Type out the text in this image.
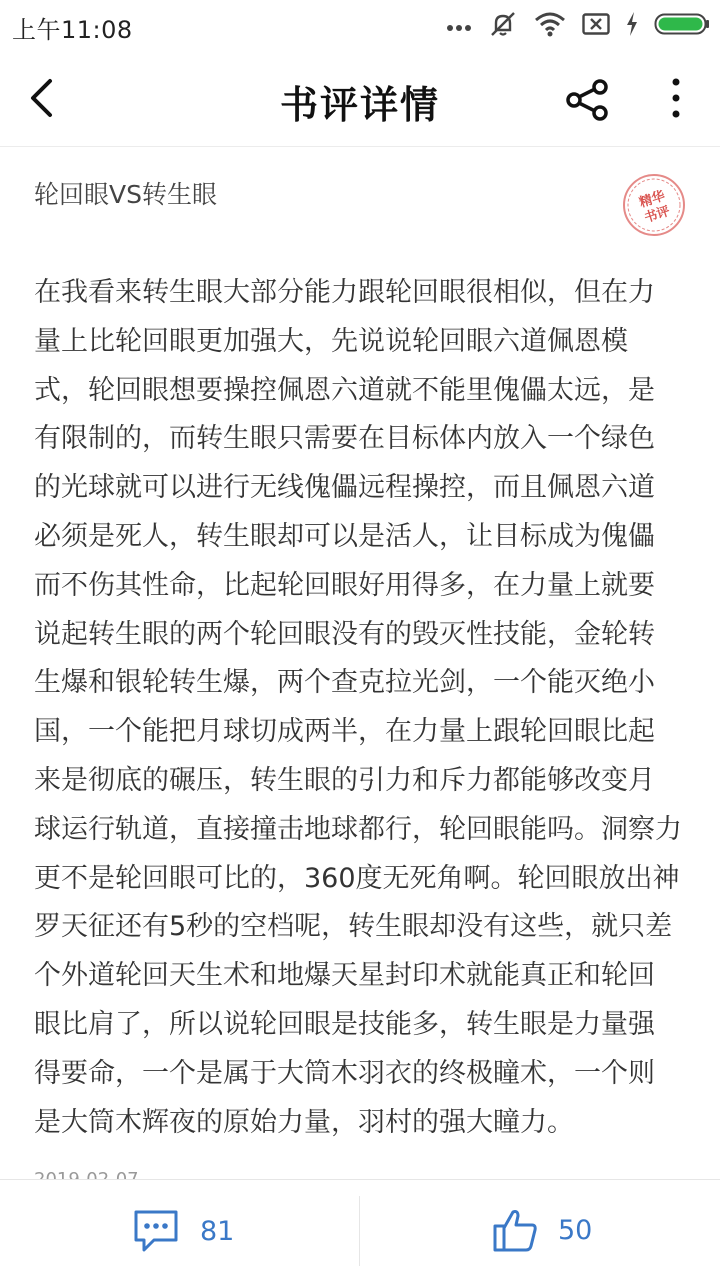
上午11:08
书评详情
轮回眼VS转生眼	精华
书评
在我看来转生眼大部分能力跟轮回眼很相似，但在力
量上比轮回眼更加强大，先说说轮回眼六道佩恩模
式，轮回眼想要操控佩恩六道就不能里傀儡太远，是
有限制的，而转生眼只需要在目标体内放入一个绿色
的光球就可以进行无线傀儡远程操控，而且佩恩六道
必须是死人，转生眼却可以是活人，让目标成为傀儡
而不伤其性命，比起轮回眼好用得多，在力量上就要
说起转生眼的两个轮回眼没有的毁灭性技能，金轮转
生爆和银轮转生爆，两个查克拉光剑，一个能灭绝小
国，一个能把月球切成两半，在力量上跟轮回眼比起
来是彻底的碾压，转生眼的引力和斥力都能够改变月
球运行轨道，直接撞击地球都行，轮回眼能吗。洞察力
更不是轮回眼可比的，360度无死角啊。轮回眼放出神
罗天征还有5秒的空档呢，转生眼却没有这些，就只差
个外道轮回天生术和地爆天星封印术就能真正和轮回
眼比肩了，所以说轮回眼是技能多，转生眼是力量强
得要命，一个是属于大筒木羽衣的终极瞳术，一个则
是大筒木辉夜的原始力量，羽村的强大瞳力。
81	50
